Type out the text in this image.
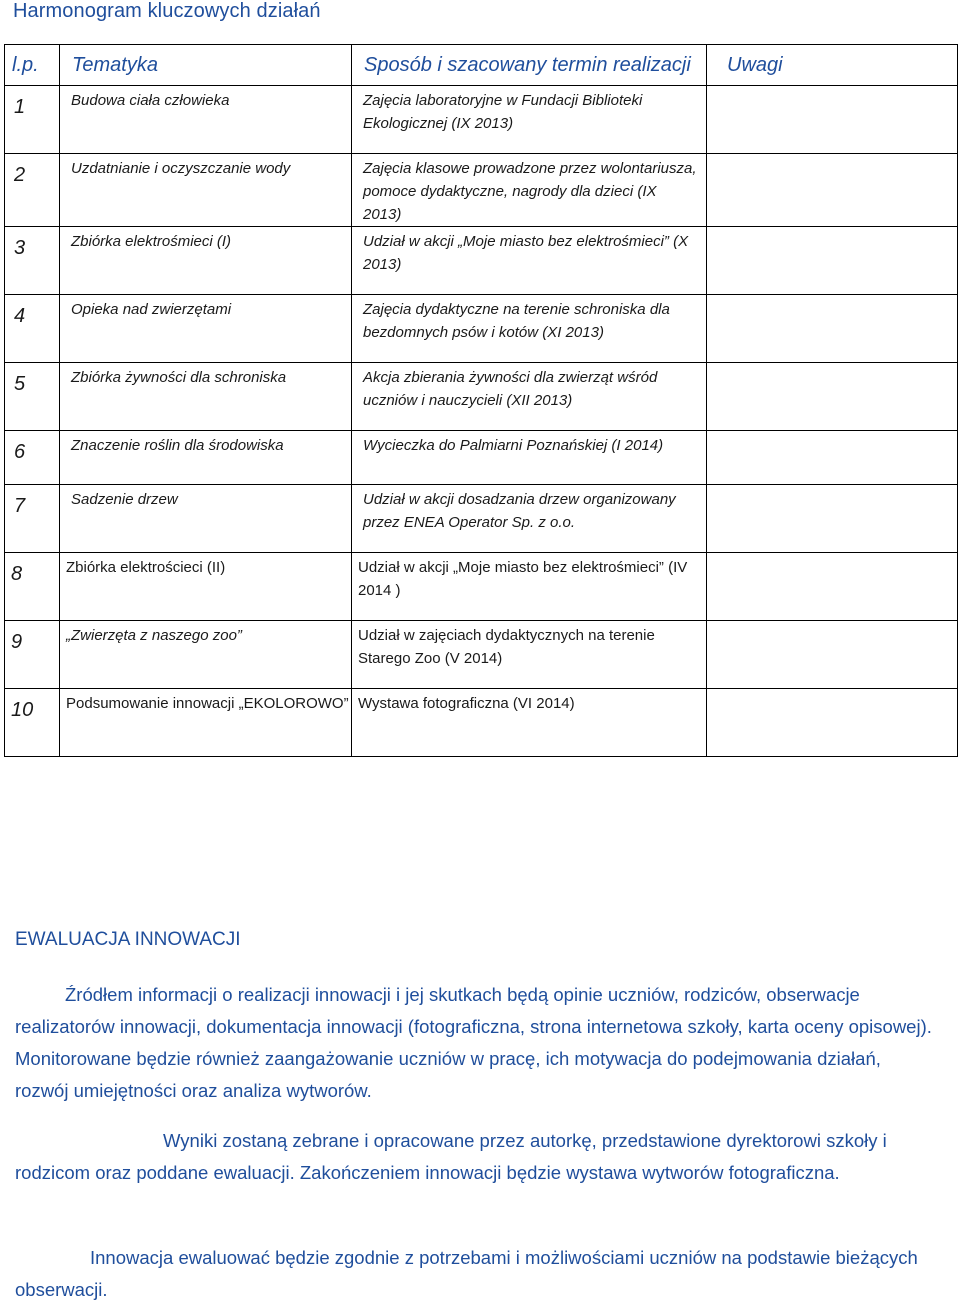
Harmonogram kluczowych działań
l.p.	Tematyka	Sposób i szacowany termin realizacji	Uwagi
1	Budowa ciała człowieka	Zajęcia laboratoryjne w Fundacji Biblioteki Ekologicznej (IX 2013)	
2	Uzdatnianie i oczyszczanie wody	Zajęcia klasowe prowadzone przez wolontariusza, pomoce dydaktyczne, nagrody dla dzieci (IX 2013)	
3	Zbiórka elektrośmieci (I)	Udział w akcji „Moje miasto bez elektrośmieci” (X 2013)	
4	Opieka nad zwierzętami	Zajęcia dydaktyczne na terenie schroniska dla bezdomnych psów i kotów (XI 2013)	
5	Zbiórka żywności dla schroniska	Akcja zbierania żywności dla zwierząt wśród uczniów i nauczycieli (XII 2013)	
6	Znaczenie roślin dla środowiska	Wycieczka do Palmiarni Poznańskiej (I 2014)	
7	Sadzenie drzew	Udział w akcji dosadzania drzew organizowany przez ENEA Operator Sp. z o.o.	
8	Zbiórka elektrościeci (II)	Udział w akcji „Moje miasto bez elektrośmieci” (IV 2014 )	
9	„Zwierzęta z naszego zoo”	Udział w zajęciach dydaktycznych na terenie Starego Zoo (V 2014)	
10	Podsumowanie innowacji „EKOLOROWO”	Wystawa fotograficzna (VI 2014)	
EWALUACJA INNOWACJI
Źródłem informacji o realizacji innowacji i jej skutkach będą opinie uczniów, rodziców, obserwacje realizatorów innowacji, dokumentacja innowacji (fotograficzna, strona internetowa szkoły, karta oceny opisowej). Monitorowane będzie również zaangażowanie uczniów w pracę, ich motywacja do podejmowania działań, rozwój umiejętności oraz analiza wytworów.
Wyniki zostaną zebrane i opracowane przez autorkę, przedstawione dyrektorowi szkoły i rodzicom oraz poddane ewaluacji. Zakończeniem innowacji będzie wystawa wytworów fotograficzna.
Innowacja ewaluować będzie zgodnie z potrzebami i możliwościami uczniów na podstawie bieżących obserwacji.
